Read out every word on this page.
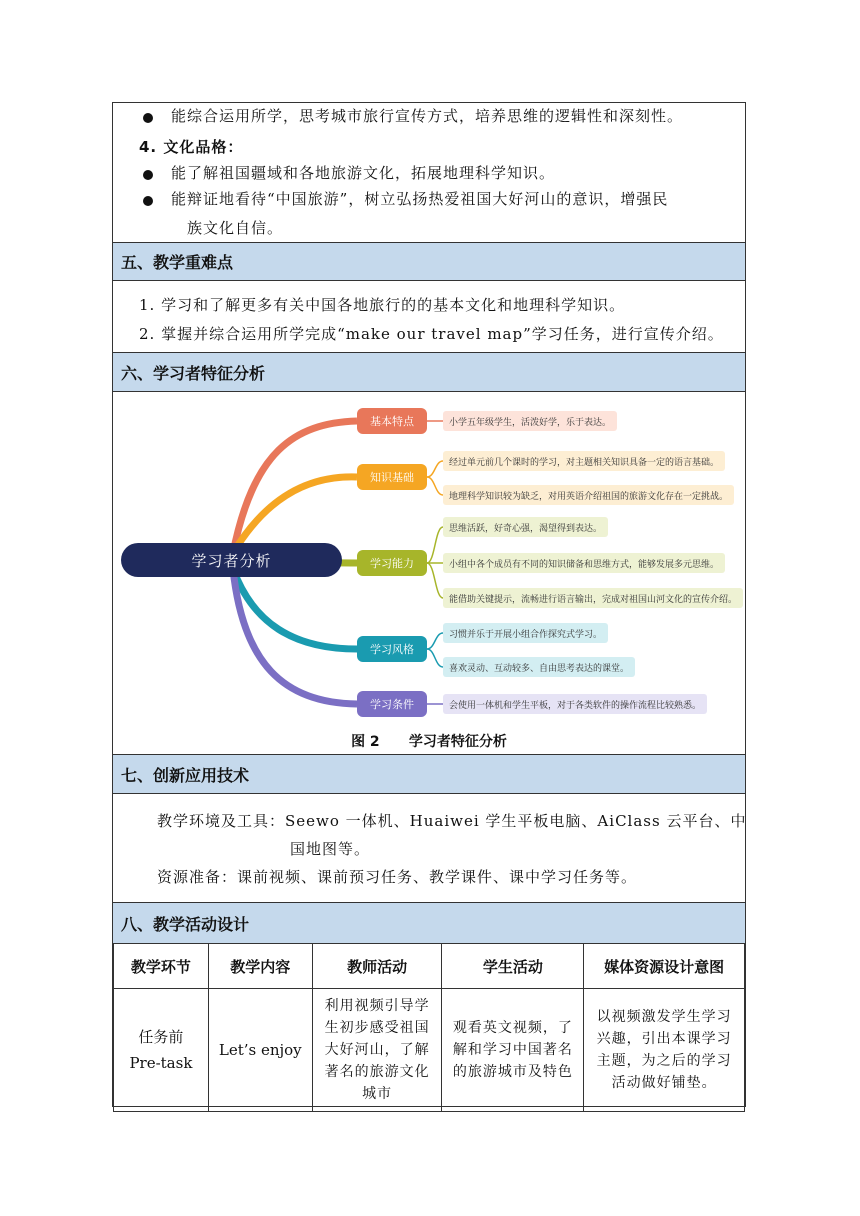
能综合运用所学，思考城市旅行宣传方式，培养思维的逻辑性和深刻性。
4. 文化品格：
能了解祖国疆域和各地旅游文化，拓展地理科学知识。
能辩证地看待“中国旅游”，树立弘扬热爱祖国大好河山的意识，增强民
族文化自信。
五、教学重难点
1. 学习和了解更多有关中国各地旅行的的基本文化和地理科学知识。
2. 掌握并综合运用所学完成“make our travel map”学习任务，进行宣传介绍。
六、学习者特征分析
学习者分析
基本特点	小学五年级学生，活泼好学，乐于表达。
知识基础
经过单元前几个课时的学习，对主题相关知识具备一定的语言基础。
地理科学知识较为缺乏，对用英语介绍祖国的旅游文化存在一定挑战。
学习能力
思维活跃，好奇心强，渴望得到表达。
小组中各个成员有不同的知识储备和思维方式，能够发展多元思维。
能借助关键提示，流畅进行语言输出，完成对祖国山河文化的宣传介绍。
学习风格
习惯并乐于开展小组合作探究式学习。
喜欢灵动、互动较多、自由思考表达的课堂。
学习条件	会使用一体机和学生平板，对于各类软件的操作流程比较熟悉。
图 2      学习者特征分析
七、创新应用技术
教学环境及工具：Seewo 一体机、Huaiwei 学生平板电脑、AiClass 云平台、中
国地图等。
资源准备：课前视频、课前预习任务、教学课件、课中学习任务等。
八、教学活动设计
教学环节	教学内容	教师活动	学生活动	媒体资源设计意图
任务前
Pre-task	Let’s enjoy	利用视频引导学生初步感受祖国大好河山，了解著名的旅游文化城市	观看英文视频，了解和学习中国著名的旅游城市及特色	以视频激发学生学习兴趣，引出本课学习主题，为之后的学习活动做好铺垫。
